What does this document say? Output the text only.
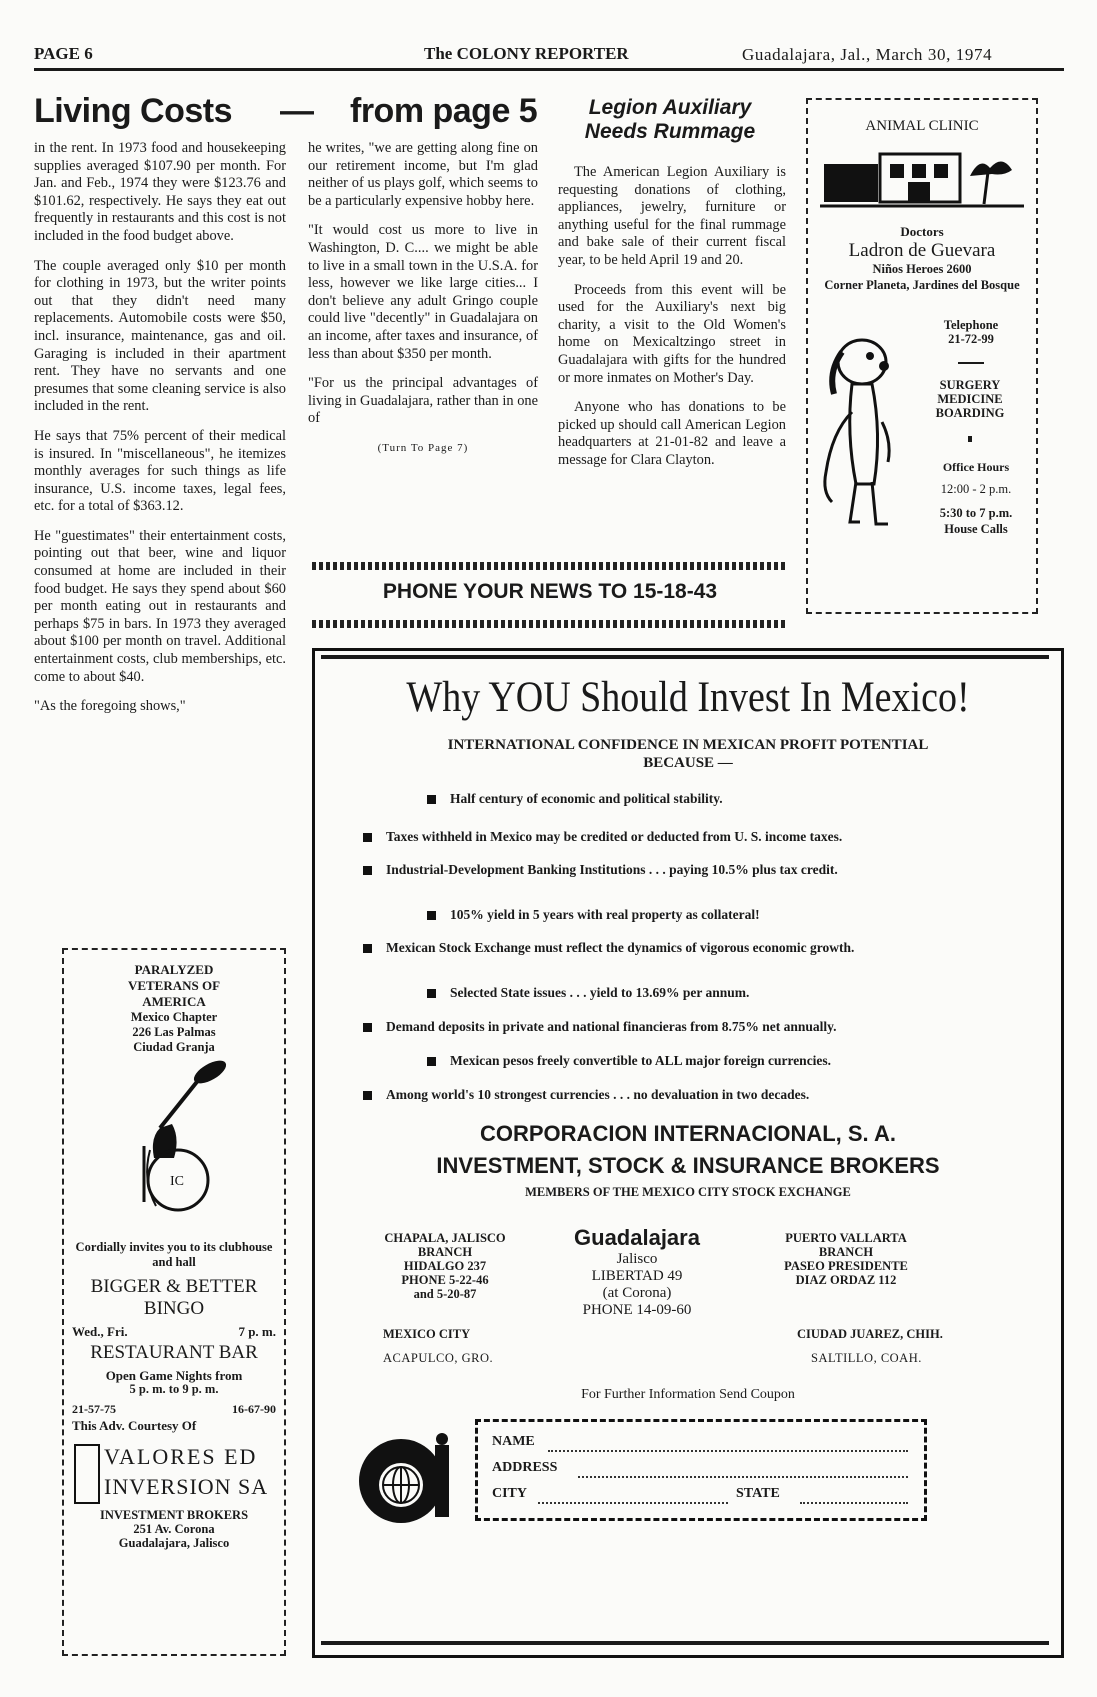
PAGE 6	The COLONY REPORTER	Guadalajara, Jal., March 30, 1974
Living Costs — from page 5

in the rent. In 1973 food and housekeeping supplies averaged $107.90 per month. For Jan. and Feb., 1974 they were $123.76 and $101.62, respectively. He says they eat out frequently in restaurants and this cost is not included in the food budget above.

The couple averaged only $10 per month for clothing in 1973, but the writer points out that they didn't need many replacements. Automobile costs were $50, incl. insurance, maintenance, gas and oil. Garaging is included in their apartment rent. They have no servants and one presumes that some cleaning service is also included in the rent.

He says that 75% percent of their medical is insured. In "miscellaneous", he itemizes monthly averages for such things as life insurance, U.S. income taxes, legal fees, etc. for a total of $363.12.

He "guestimates" their entertainment costs, pointing out that beer, wine and liquor consumed at home are included in their food budget. He says they spend about $60 per month eating out in restaurants and perhaps $75 in bars. In 1973 they averaged about $100 per month on travel. Additional entertainment costs, club memberships, etc. come to about $40.

"As the foregoing shows,"

he writes, "we are getting along fine on our retirement income, but I'm glad neither of us plays golf, which seems to be a particularly expensive hobby here.

"It would cost us more to live in Washington, D. C.... we might be able to live in a small town in the U.S.A. for less, however we like large cities... I don't believe any adult Gringo couple could live "decently" in Guadalajara on an income, after taxes and insurance, of less than about $350 per month.

"For us the principal advantages of living in Guadalajara, rather than in one of

(Turn To Page 7)
Legion Auxiliary Needs Rummage

The American Legion Auxiliary is requesting donations of clothing, appliances, jewelry, furniture or anything useful for the final rummage and bake sale of their current fiscal year, to be held April 19 and 20.

Proceeds from this event will be used for the Auxiliary's next big charity, a visit to the Old Women's home on Mexicaltzingo street in Guadalajara with gifts for the hundred or more inmates on Mother's Day.

Anyone who has donations to be picked up should call American Legion headquarters at 21-01-82 and leave a message for Clara Clayton.

ANIMAL CLINIC
Doctors
Ladron de Guevara
Niños Heroes 2600
Corner Planeta, Jardines del Bosque
Telephone
21-72-99
SURGERY MEDICINE BOARDING
Office Hours
12:00 - 2 p.m.
5:30 to 7 p.m.
House Calls
PHONE YOUR NEWS TO 15-18-43
PARALYZED VETERANS OF AMERICA
Mexico Chapter
226 Las Palmas
Ciudad Granja
IC
Cordially invites you to its clubhouse and hall
BIGGER & BETTER
BINGO
Wed., Fri.	7 p. m.
RESTAURANT BAR
Open Game Nights from
5 p. m. to 9 p. m.
21-57-75	16-67-90
This Adv. Courtesy Of
VALORES ED
INVERSION SA
INVESTMENT BROKERS
251 Av. Corona
Guadalajara, Jalisco
Why YOU Should Invest In Mexico!
INTERNATIONAL CONFIDENCE IN MEXICAN PROFIT POTENTIAL
BECAUSE —
Half century of economic and political stability.
Taxes withheld in Mexico may be credited or deducted from U. S. income taxes.
Industrial-Development Banking Institutions . . . paying 10.5% plus tax credit.
105% yield in 5 years with real property as collateral!
Mexican Stock Exchange must reflect the dynamics of vigorous economic growth.
Selected State issues . . . yield to 13.69% per annum.
Demand deposits in private and national financieras from 8.75% net annually.
Mexican pesos freely convertible to ALL major foreign currencies.
Among world's 10 strongest currencies . . . no devaluation in two decades.
CORPORACION INTERNACIONAL, S. A.
INVESTMENT, STOCK & INSURANCE BROKERS
MEMBERS OF THE MEXICO CITY STOCK EXCHANGE
CHAPALA, JALISCO
BRANCH
HIDALGO 237
PHONE 5-22-46
and 5-20-87
Guadalajara
Jalisco
LIBERTAD 49
(at Corona)
PHONE 14-09-60
PUERTO VALLARTA
BRANCH
PASEO PRESIDENTE
DIAZ ORDAZ 112
MEXICO CITY
ACAPULCO, GRO.
CIUDAD JUAREZ, CHIH.
SALTILLO, COAH.
For Further Information Send Coupon
NAME
ADDRESS
CITY	STATE
